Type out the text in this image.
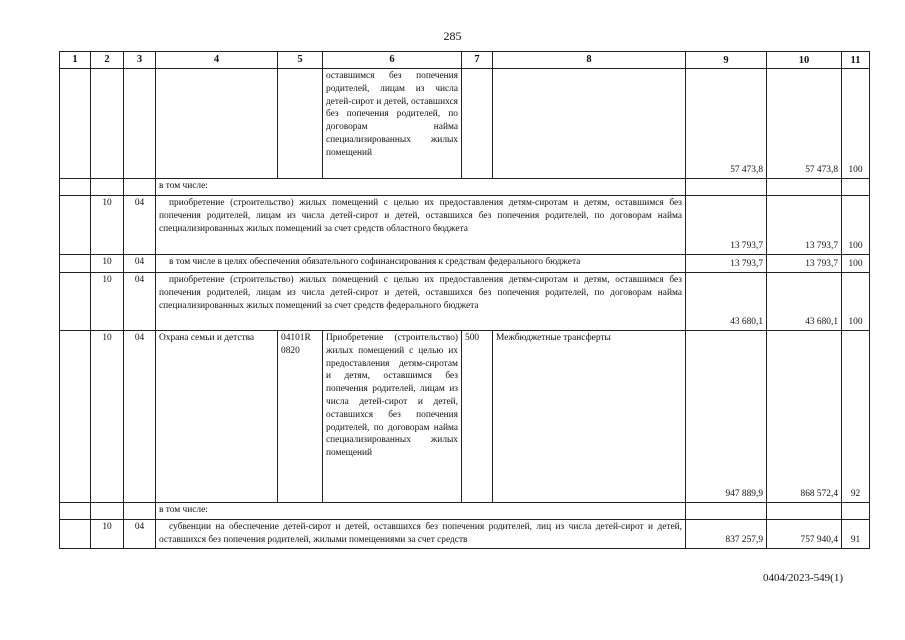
285
1	2	3	4	5	6	7	8	9	10	11
					оставшимся без попечения родителей, лицам из числа детей-сирот и детей, оставшихся без попечения родителей, по договорам найма специализированных жилых помещений			57 473,8	57 473,8	100
			в том числе:							
	10	04	приобретение (строительство) жилых помещений с целью их предоставления детям-сиротам и детям, оставшимся без попечения родителей, лицам из числа детей-сирот и детей, оставшихся без попечения родителей, по договорам найма специализированных жилых помещений за счет средств областного бюджета					13 793,7	13 793,7	100
	10	04	в том числе в целях обеспечения обязательного софинансирования к средствам федерального бюджета					13 793,7	13 793,7	100
	10	04	приобретение (строительство) жилых помещений с целью их предоставления детям-сиротам и детям, оставшимся без попечения родителей, лицам из числа детей-сирот и детей, оставшихся без попечения родителей, по договорам найма специализированных жилых помещений за счет средств федерального бюджета					43 680,1	43 680,1	100
	10	04	Охрана семьи и детства	04101R 0820	Приобретение (строительство) жилых помещений с целью их предоставления детям-сиротам и детям, оставшимся без попечения родителей, лицам из числа детей-сирот и детей, оставшихся без попечения родителей, по договорам найма специализированных жилых помещений	500	Межбюджетные трансферты	947 889,9	868 572,4	92
			в том числе:							
	10	04	субвенции на обеспечение детей-сирот и детей, оставшихся без попечения родителей, лиц из числа детей-сирот и детей, оставшихся без попечения родителей, жилыми помещениями за счет средств					837 257,9	757 940,4	91
0404/2023-549(1)
